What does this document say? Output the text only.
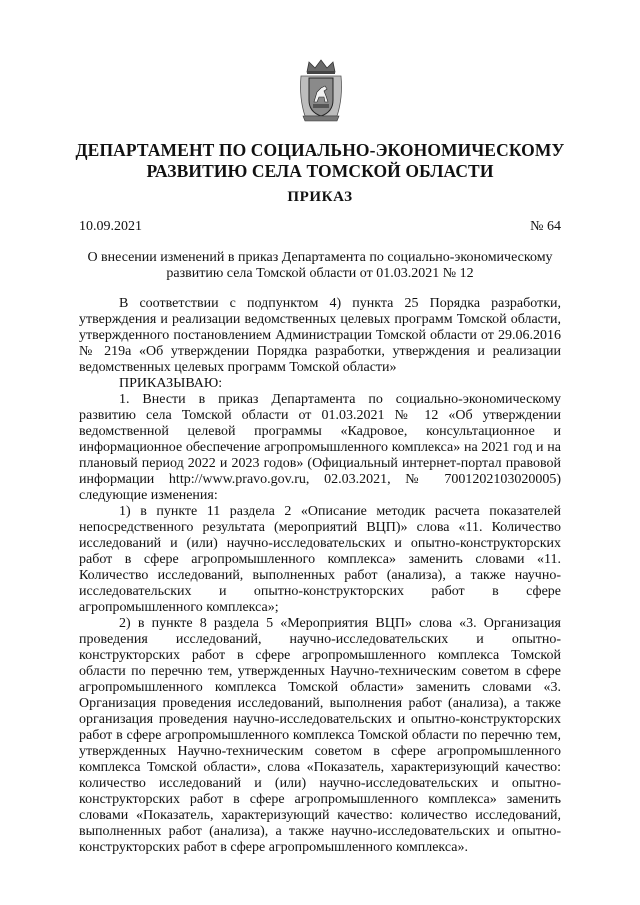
ДЕПАРТАМЕНТ ПО СОЦИАЛЬНО-ЭКОНОМИЧЕСКОМУ
РАЗВИТИЮ СЕЛА ТОМСКОЙ ОБЛАСТИ
ПРИКАЗ
10.09.2021	№ 64
О внесении изменений в приказ Департамента по социально-экономическому
развитию села Томской области от 01.03.2021 № 12

В соответствии с подпунктом 4) пункта 25 Порядка разработки, утверждения и реализации ведомственных целевых программ Томской области, утвержденного постановлением Администрации Томской области от 29.06.2016 № 219а «Об утверждении Порядка разработки, утверждения и реализации ведомственных целевых программ Томской области»

ПРИКАЗЫВАЮ:

1. Внести в приказ Департамента по социально-экономическому развитию села Томской области от 01.03.2021 № 12 «Об утверждении ведомственной целевой программы «Кадровое, консультационное и информационное обеспечение агропромышленного комплекса» на 2021 год и на плановый период 2022 и 2023 годов» (Официальный интернет-портал правовой информации http://www.pravo.gov.ru, 02.03.2021, № 7001202103020005) следующие изменения:

1) в пункте 11 раздела 2 «Описание методик расчета показателей непосредственного результата (мероприятий ВЦП)» слова «11. Количество исследований и (или) научно-исследовательских и опытно-конструкторских работ в сфере агропромышленного комплекса» заменить словами «11. Количество исследований, выполненных работ (анализа), а также научно-исследовательских и опытно-конструкторских работ в сфере агропромышленного комплекса»;

2) в пункте 8 раздела 5 «Мероприятия ВЦП» слова «3. Организация проведения исследований, научно-исследовательских и опытно-конструкторских работ в сфере агропромышленного комплекса Томской области по перечню тем, утвержденных Научно-техническим советом в сфере агропромышленного комплекса Томской области» заменить словами «3. Организация проведения исследований, выполнения работ (анализа), а также организация проведения научно-исследовательских и опытно-конструкторских работ в сфере агропромышленного комплекса Томской области по перечню тем, утвержденных Научно-техническим советом в сфере агропромышленного комплекса Томской области», слова «Показатель, характеризующий качество: количество исследований и (или) научно-исследовательских и опытно-конструкторских работ в сфере агропромышленного комплекса» заменить словами «Показатель, характеризующий качество: количество исследований, выполненных работ (анализа), а также научно-исследовательских и опытно-конструкторских работ в сфере агропромышленного комплекса».
